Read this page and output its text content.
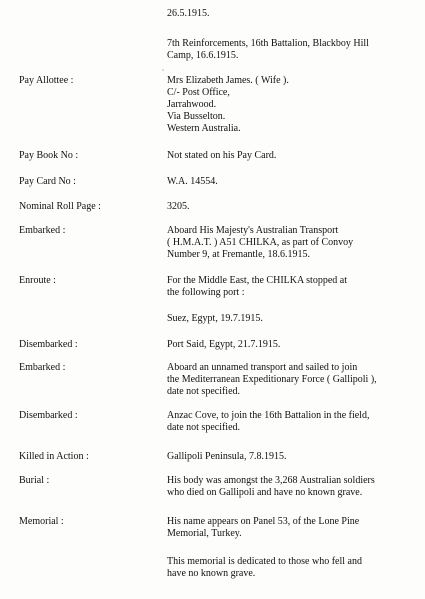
26.5.1915.
7th Reinforcements, 16th Battalion, Blackboy Hill
Camp, 16.6.1915.
Pay Allottee :	Mrs Elizabeth James. ( Wife ).
C/- Post Office,
Jarrahwood.
Via Busselton.
Western Australia.
Pay Book No :	Not stated on his Pay Card.
Pay Card No :	W.A. 14554.
Nominal Roll Page :	3205.
Embarked :	Aboard His Majesty's Australian Transport
( H.M.A.T. ) A51 CHILKA, as part of Convoy
Number 9, at Fremantle, 18.6.1915.
Enroute :	For the Middle East, the CHILKA stopped at
the following port :
Suez, Egypt, 19.7.1915.
Disembarked :	Port Said, Egypt, 21.7.1915.
Embarked :	Aboard an unnamed transport and sailed to join
the Mediterranean Expeditionary Force ( Gallipoli ),
date not specified.
Disembarked :	Anzac Cove, to join the 16th Battalion in the field,
date not specified.
Killed in Action :	Gallipoli Peninsula, 7.8.1915.
Burial :	His body was amongst the 3,268 Australian soldiers
who died on Gallipoli and have no known grave.
Memorial :	His name appears on Panel 53, of the Lone Pine
Memorial, Turkey.
This memorial is dedicated to those who fell and
have no known grave.
